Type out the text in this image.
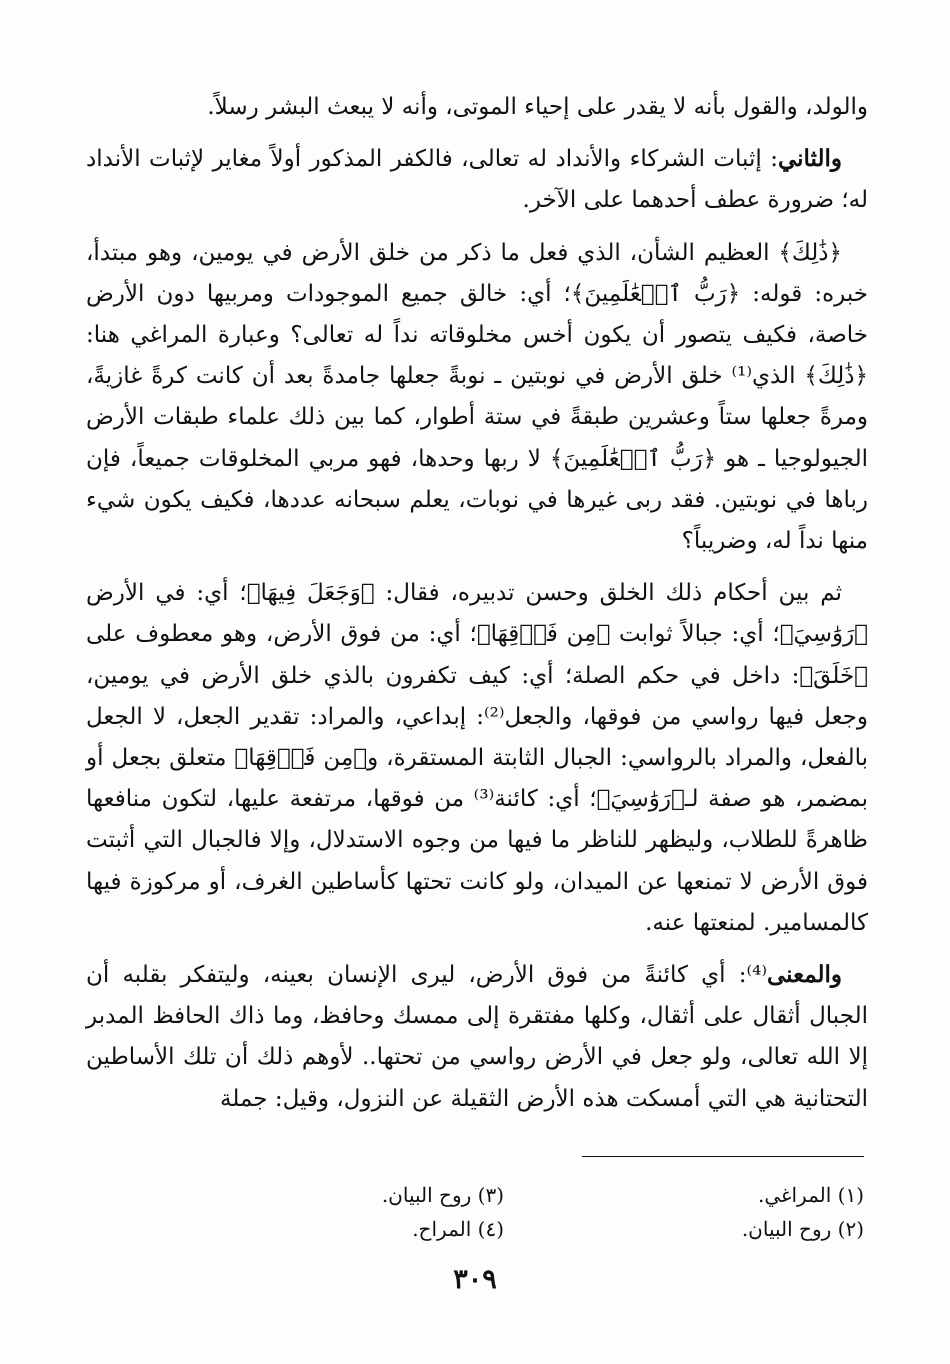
والولد، والقول بأنه لا يقدر على إحياء الموتى، وأنه لا يبعث البشر رسلاً.

والثاني: إثبات الشركاء والأنداد له تعالى، فالكفر المذكور أولاً مغاير لإثبات الأنداد له؛ ضرورة عطف أحدهما على الآخر.

﴿ذَٰلِكَ﴾ العظيم الشأن، الذي فعل ما ذكر من خلق الأرض في يومين، وهو مبتدأ، خبره: قوله: ﴿رَبُّ ٱلۡعَٰلَمِينَ﴾؛ أي: خالق جميع الموجودات ومربيها دون الأرض خاصة، فكيف يتصور أن يكون أخس مخلوقاته نداً له تعالى؟ وعبارة المراغي هنا: ﴿ذَٰلِكَ﴾ الذي⁽¹⁾ خلق الأرض في نوبتين ـ نوبةً جعلها جامدةً بعد أن كانت كرةً غازيةً، ومرةً جعلها ستاً وعشرين طبقةً في ستة أطوار، كما بين ذلك علماء طبقات الأرض الجيولوجيا ـ هو ﴿رَبُّ ٱلۡعَٰلَمِينَ﴾ لا ربها وحدها، فهو مربي المخلوقات جميعاً، فإن رباها في نوبتين. فقد ربى غيرها في نوبات، يعلم سبحانه عددها، فكيف يكون شيء منها نداً له، وضريباً؟

ثم بين أحكام ذلك الخلق وحسن تدبيره، فقال: ﴿وَجَعَلَ فِيهَا﴾؛ أي: في الأرض ﴿رَوَٰسِيَ﴾؛ أي: جبالاً ثوابت ﴿مِن فَوۡقِهَا﴾؛ أي: من فوق الأرض، وهو معطوف على ﴿خَلَقَ﴾: داخل في حكم الصلة؛ أي: كيف تكفرون بالذي خلق الأرض في يومين، وجعل فيها رواسي من فوقها، والجعل⁽²⁾: إبداعي، والمراد: تقدير الجعل، لا الجعل بالفعل، والمراد بالرواسي: الجبال الثابتة المستقرة، و﴿مِن فَوۡقِهَا﴾ متعلق بجعل أو بمضمر، هو صفة لـ﴿رَوَٰسِيَ﴾؛ أي: كائنة⁽³⁾ من فوقها، مرتفعة عليها، لتكون منافعها ظاهرةً للطلاب، وليظهر للناظر ما فيها من وجوه الاستدلال، وإلا فالجبال التي أثبتت فوق الأرض لا تمنعها عن الميدان، ولو كانت تحتها كأساطين الغرف، أو مركوزة فيها كالمسامير. لمنعتها عنه.

والمعنى⁽⁴⁾: أي كائنةً من فوق الأرض، ليرى الإنسان بعينه، وليتفكر بقلبه أن الجبال أثقال على أثقال، وكلها مفتقرة إلى ممسك وحافظ، وما ذاك الحافظ المدبر إلا الله تعالى، ولو جعل في الأرض رواسي من تحتها.. لأوهم ذلك أن تلك الأساطين التحتانية هي التي أمسكت هذه الأرض الثقيلة عن النزول، وقيل: جملة

(١) المراغي.
(٢) روح البيان.
(٣) روح البيان.
(٤) المراح.
٣٠٩
